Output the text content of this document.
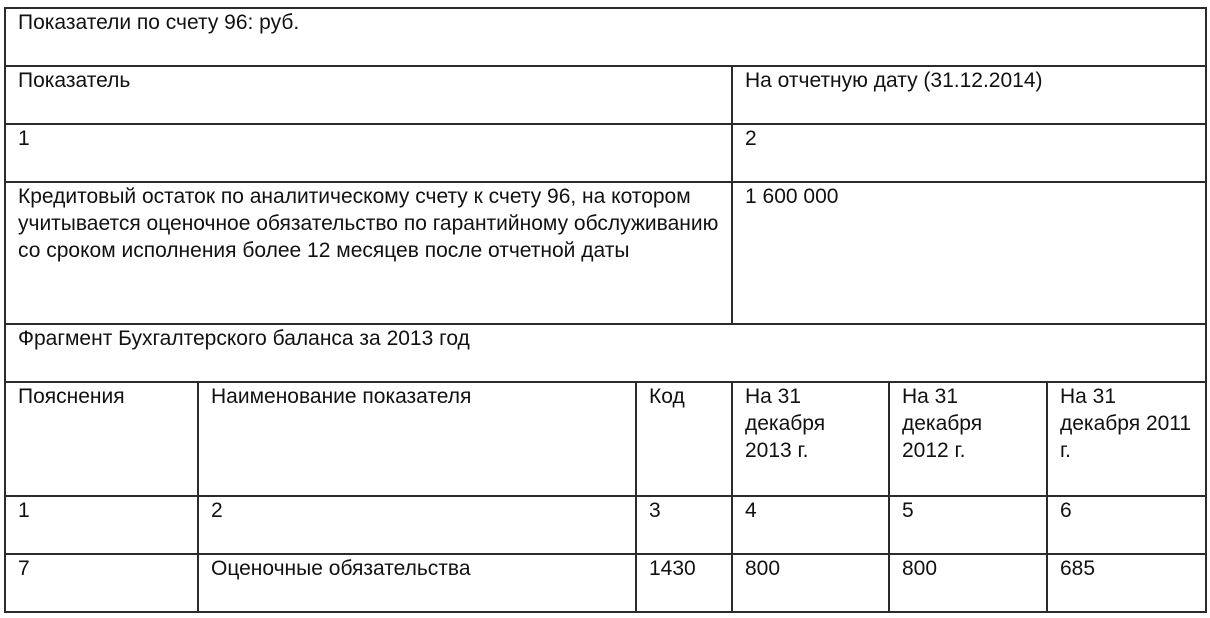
Показатели по счету 96: руб.					
Показатель			На отчетную дату (31.12.2014)		
1			2		
Кредитовый остаток по аналитическому счету к счету 96, на котором учитывается оценочное обязательство по гарантийному обслуживанию со сроком исполнения более 12 месяцев после отчетной даты			1 600 000		
Фрагмент Бухгалтерского баланса за 2013 год					
Пояснения	Наименование показателя	Код	На 31 декабря 2013 г.	На 31 декабря 2012 г.	На 31 декабря 2011 г.
1	2	3	4	5	6
7	Оценочные обязательства	1430	800	800	685
